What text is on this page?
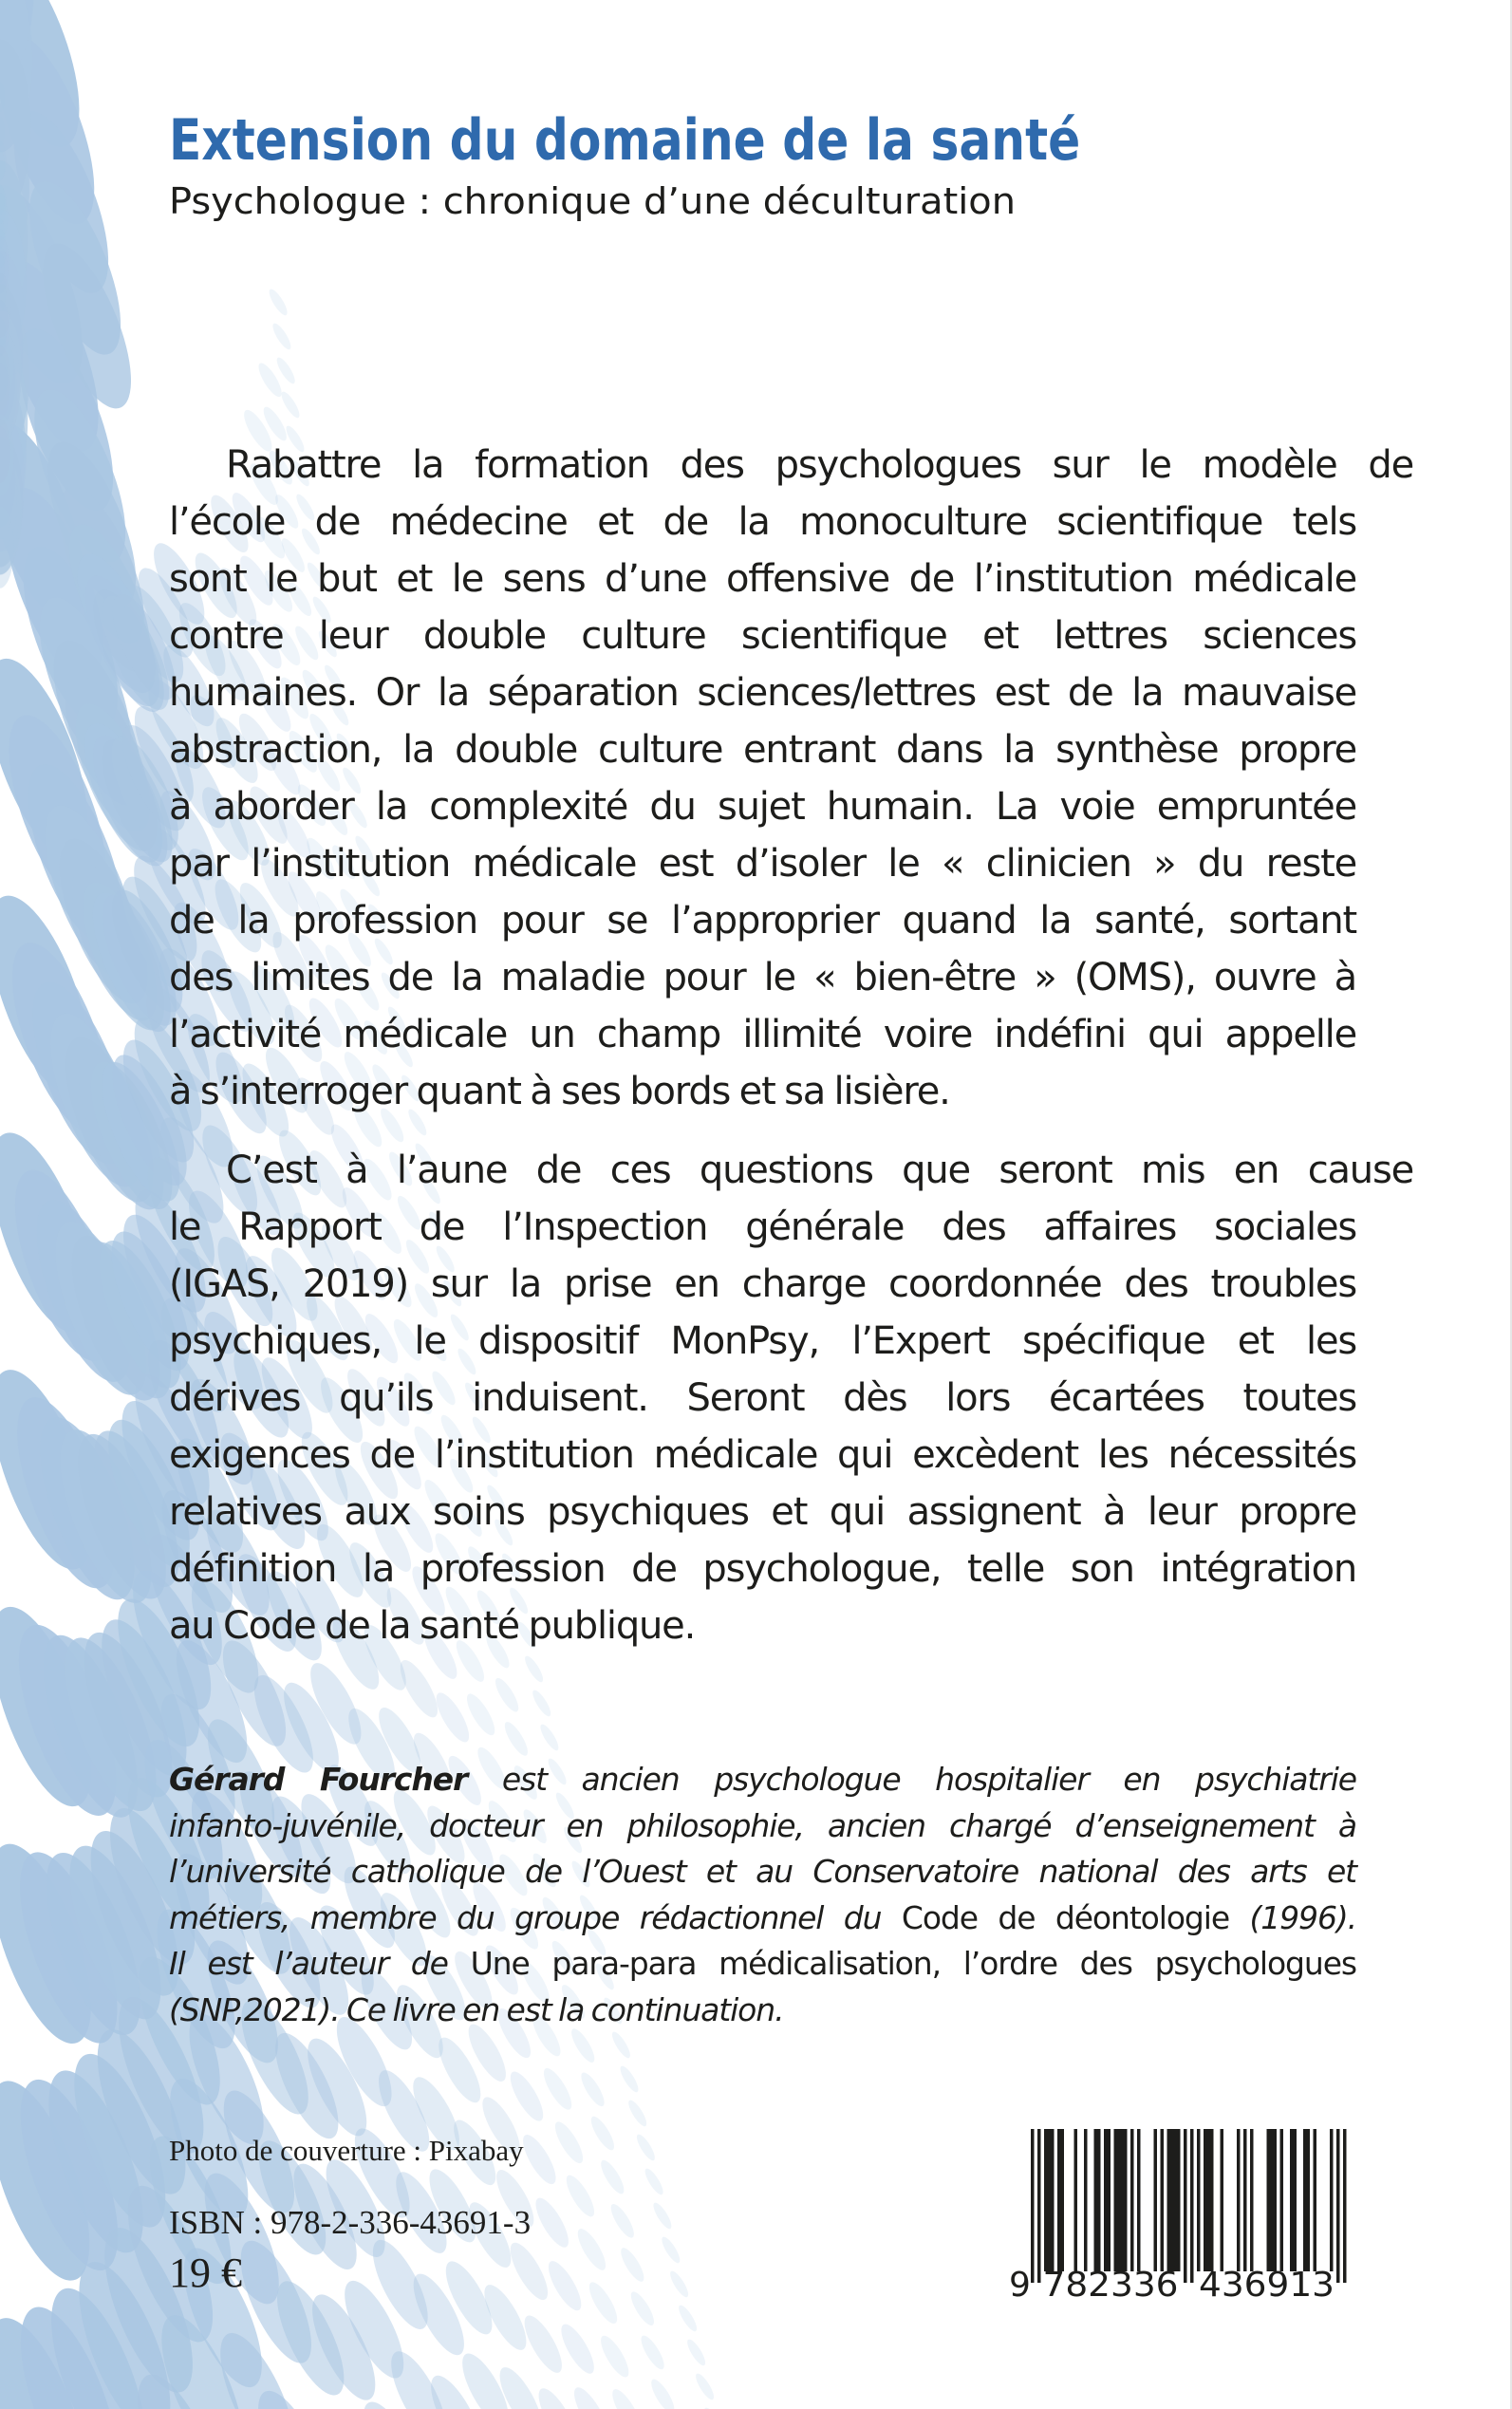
Extension du domaine de la santé
Psychologue : chronique d’une déculturation
Rabattre la formation des psychologues sur le modèle de
l’école de médecine et de la monoculture scientifique tels
sont le but et le sens d’une offensive de l’institution médicale
contre leur double culture scientifique et lettres sciences
humaines. Or la séparation sciences/lettres est de la mauvaise
abstraction, la double culture entrant dans la synthèse propre
à aborder la complexité du sujet humain. La voie empruntée
par l’institution médicale est d’isoler le « clinicien » du reste
de la profession pour se l’approprier quand la santé, sortant
des limites de la maladie pour le « bien-être » (OMS), ouvre à
l’activité médicale un champ illimité voire indéfini qui appelle
à s’interroger quant à ses bords et sa lisière.
C’est à l’aune de ces questions que seront mis en cause
le Rapport de l’Inspection générale des affaires sociales
(IGAS, 2019) sur la prise en charge coordonnée des troubles
psychiques, le dispositif MonPsy, l’Expert spécifique et les
dérives qu’ils induisent. Seront dès lors écartées toutes
exigences de l’institution médicale qui excèdent les nécessités
relatives aux soins psychiques et qui assignent à leur propre
définition la profession de psychologue, telle son intégration
au Code de la santé publique.
Gérard Fourcher est ancien psychologue hospitalier en psychiatrie
infanto-juvénile, docteur en philosophie, ancien chargé d’enseignement à
l’université catholique de l’Ouest et au Conservatoire national des arts et
métiers, membre du groupe rédactionnel du Code de déontologie (1996).
Il est l’auteur de Une para-para médicalisation, l’ordre des psychologues
(SNP,2021). Ce livre en est la continuation.
Photo de couverture : Pixabay
ISBN : 978-2-336-43691-3
19 €	9 782336 436913
